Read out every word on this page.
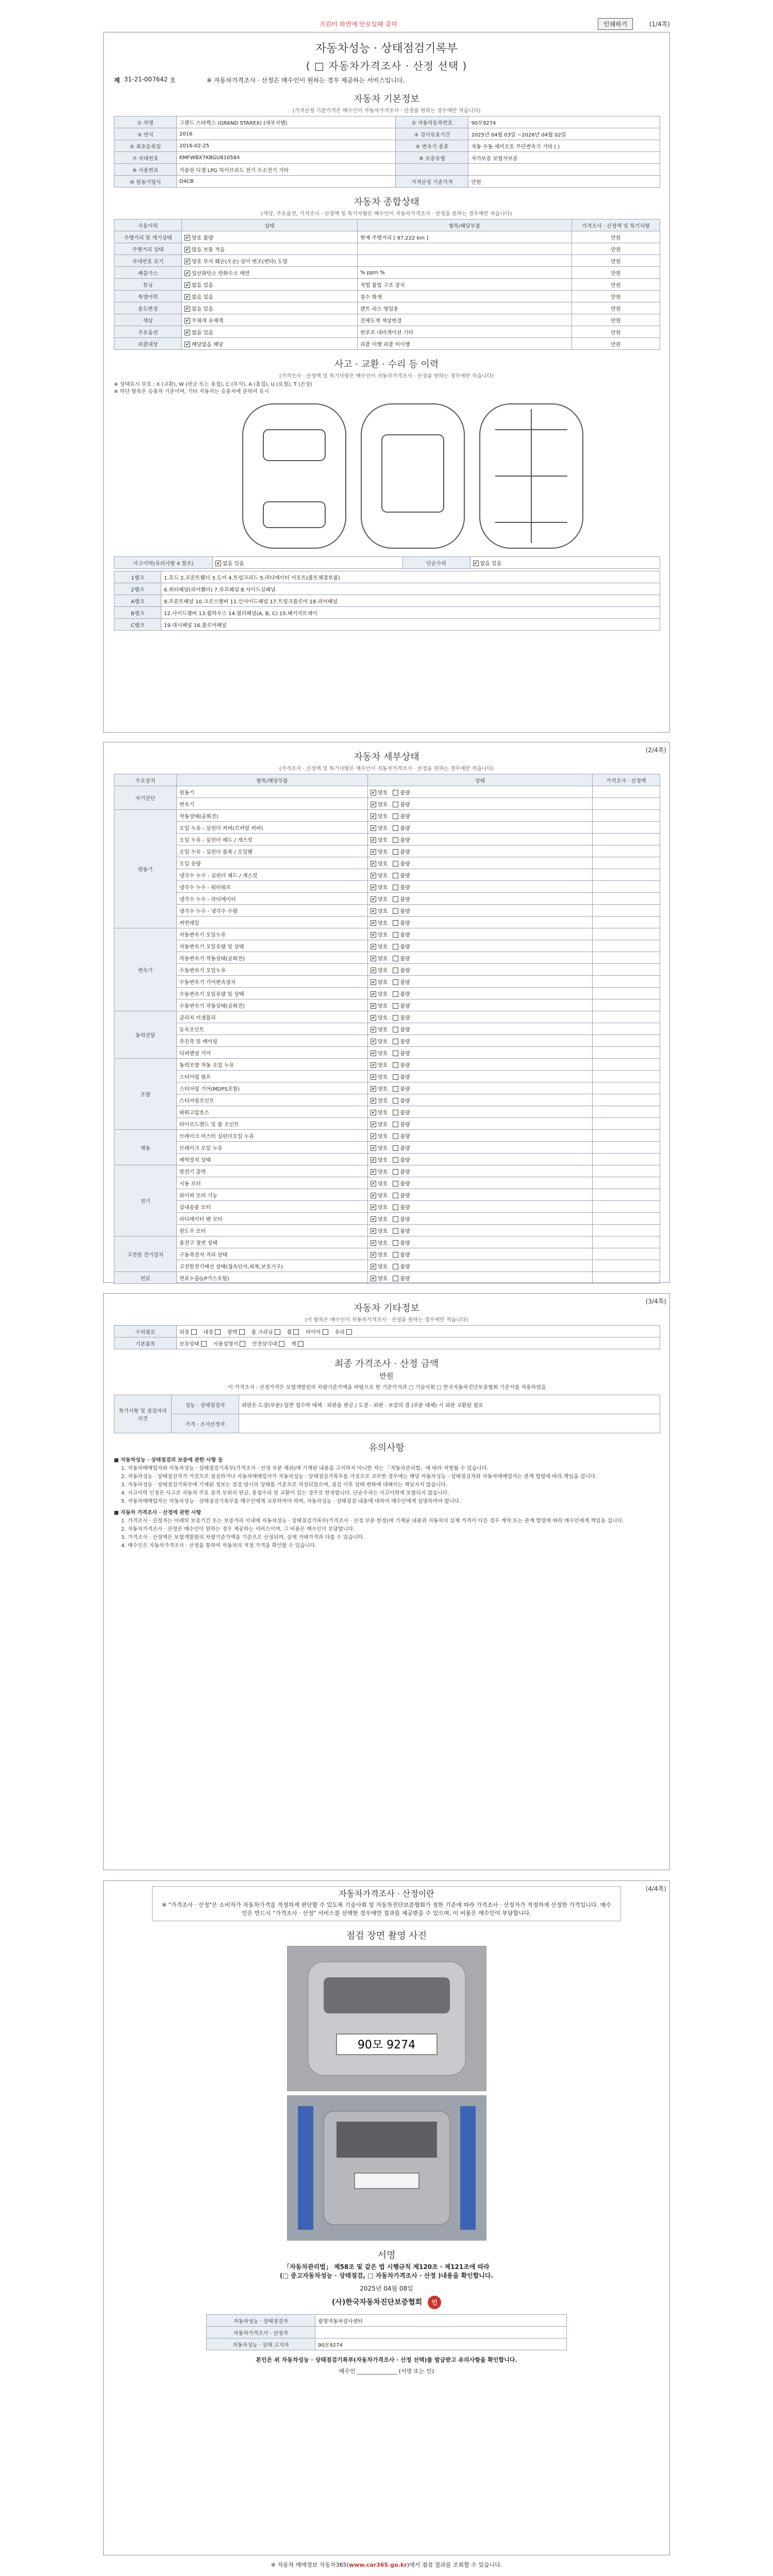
프린터 화면에 안보일때 클릭	인쇄하기	(1/4쪽)
자동차성능 · 상태점검기록부
( □ 자동차가격조사 · 산정 선택 )
제 31-21-007642
호	※ 자동차가격조사 · 산정은 매수인이 원하는 경우 제공하는 서비스입니다.
자동차 기본정보
(가격산정 기준가격은 매수인이 자동차가격조사 · 산정을 원하는 경우에만 적습니다)
① 차명	그랜드 스타렉스 (GRAND STAREX) (새부지템)	② 자동차등록번호	90모9274
③ 연식	2016	④ 검사유효기간	2025년 04월 03일 ~2026년 04월 02일
⑤ 최초등록일	2016-02-25	⑥ 변속기 종류	자동 수동 세미오토 무단변속기 기타 ( )
⑦ 차대번호	KMFWBX7KBGU810584	⑧ 보증유형	자가보증 보험사보증
⑨ 사용연료	가솔린 디젤 LPG 하이브리드 전기 수소전기 기타		
⑩ 원동기형식	D4CB	가격산정 기준가격	만원
자동차 종합상태
(색상, 주요옵션, 가격조사 · 산정액 및 특기사항은 매수인이 자동차가격조사 · 산정을 원하는 경우에만 적습니다)
사용이력	상태	항목/해당부품	가격조사 · 산정액 및 특기사항
주행거리 및 계기상태	✔양호 불량	현재 주행거리 [ 97,222 km ]	만원
주행거리 상태	✔많음 보통 적음		만원
차대번호 표기	✔양호 부식 훼손(오손) 상이 변조(변타) 도말		만원
배출가스	✔일산화탄소 탄화수소 매연	% ppm %	만원
튜닝	✔없음 있음	적법 불법 구조 장치	만원
특별이력	✔없음 있음	침수 화재	만원
용도변경	✔없음 있음	렌트 리스 영업용	만원
색상	✔무채색 유채색	전체도색 색상변경	만원
주요옵션	✔없음 있음	썬루프 네비게이션 기타	만원
리콜대상	✔해당없음 해당	리콜 이행 리콜 미이행	만원
사고 · 교환 · 수리 등 이력
(가격조사 · 산정액 및 특기사항은 매수인이 자동차가격조사 · 산정을 원하는 경우에만 적습니다)
※ 상태표시 부호 : X (교환), W (판금 또는 용접), C (부식), A (흠집), U (요철), T (손상)
※ 하단 항목은 승용차 기준이며, 기타 자동차는 승용차에 준하여 표시
사고이력(유의사항 4 참조)	✔없음 있음	단순수리	✔없음 있음
1랭크	1.후드 2.프론트휀더 3.도어 4.트렁크리드 5.라디에이터 서포트(볼트체결부품)
2랭크	6.쿼터패널(리어휀더) 7.루프패널 8.사이드실패널
A랭크	9.프론트패널 10.크로스멤버 11.인사이드패널 17.트렁크플로어 18.리어패널
B랭크	12.사이드멤버 13.휠하우스 14.필러패널(A, B, C) 15.패키지트레이
C랭크	19.대시패널 16.플로어패널
(2/4쪽)
자동차 세부상태
(가격조사 · 산정액 및 특기사항은 매수인이 자동차가격조사 · 산정을 원하는 경우에만 적습니다)
주요장치	항목/해당부품	상태	가격조사 · 산정액
자기진단	원동기	✔양호 불량	
	변속기	✔양호 불량	
원동기	작동상태(공회전)	✔양호 불량	
	오일 누유 - 실린더 커버(로커암 커버)	✔양호 불량	
	오일 누유 - 실린더 헤드 / 개스킷	✔양호 불량	
	오일 누유 - 실린더 블록 / 오일팬	✔양호 불량	
	오일 유량	✔양호 불량	
	냉각수 누수 - 실린더 헤드 / 개스킷	✔양호 불량	
	냉각수 누수 - 워터펌프	✔양호 불량	
	냉각수 누수 - 라디에이터	✔양호 불량	
	냉각수 누수 - 냉각수 수량	✔양호 불량	
	커먼레일	✔양호 불량	
변속기	자동변속기 오일누유	✔양호 불량	
	자동변속기 오일유량 및 상태	✔양호 불량	
	자동변속기 작동상태(공회전)	✔양호 불량	
	수동변속기 오일누유	✔양호 불량	
	수동변속기 기어변속장치	✔양호 불량	
	수동변속기 오일유량 및 상태	✔양호 불량	
	수동변속기 작동상태(공회전)	✔양호 불량	
동력전달	클러치 어셈블리	✔양호 불량	
	등속조인트	✔양호 불량	
	추진축 및 베어링	✔양호 불량	
	디퍼렌셜 기어	✔양호 불량	
조향	동력조향 작동 오일 누유	✔양호 불량	
	스티어링 펌프	✔양호 불량	
	스티어링 기어(MDPS포함)	✔양호 불량	
	스티어링조인트	✔양호 불량	
	파워고압호스	✔양호 불량	
	타이로드엔드 및 볼 조인트	✔양호 불량	
제동	브레이크 마스터 실린더오일 누유	✔양호 불량	
	브레이크 오일 누유	✔양호 불량	
	배력장치 상태	✔양호 불량	
전기	발전기 출력	✔양호 불량	
	시동 모터	✔양호 불량	
	와이퍼 모터 기능	✔양호 불량	
	실내송풍 모터	✔양호 불량	
	라디에이터 팬 모터	✔양호 불량	
	윈도우 모터	✔양호 불량	
고전원 전기장치	충전구 절연 상태	✔양호 불량	
	구동축전지 격리 상태	✔양호 불량	
	고전원전기배선 상태(접속단자,피복,보호기구)	✔양호 불량	
연료	연료누출(LP가스포함)	✔양호 불량	
(3/4쪽)
자동차 기타정보
(이 항목은 매수인이 자동차가격조사 · 산정을 원하는 경우에만 적습니다)
수리필요	외장 내장 광택 룸 크리닝 휠 타이어 유리
기본품목	보유상태 사용설명서 안전삼각대 잭
최종 가격조사 · 산정 금액
만원
이 가격조사 · 산정가격은 보험개발원의 차량기준가액을 바탕으로 한 기준가격과 □ 기술사회 □ 한국자동차진단보증협회 기준서를 적용하였음
특기사항 및 점검자의 의견	성능 · 상태점검자	외판은 도장(부분)·일반 접수마 대체 · 외판을 판금 / 도장 · 외판 · 보강의 결 (부분 대체) 시 외판 교환된 필요
	가격 · 조사산정자	
유의사항
■ 자동차성능 · 상태점검의 보증에 관한 사항 등

1. 자동차매매업자와 자동차성능 · 상태점검기록부(가격조사 · 산정 부분 제외)에 기재된 내용을 고지하지 아니한 자는 「자동차관리법」에 따라 처벌될 수 있습니다.

2. 자동차성능 · 상태점검자가 거짓으로 점검하거나 자동차매매업자가 자동차성능 · 상태점검기록부를 거짓으로 교부한 경우에는 해당 자동차성능 · 상태점검자와 자동차매매업자는 관계 법령에 따라 책임을 집니다.

3. 자동차성능 · 상태점검기록부에 기재된 정보는 점검 당시의 상태를 기준으로 작성되었으며, 점검 이후 상태 변화에 대해서는 책임지지 않습니다.

4. 사고이력 인정은 사고로 자동차 주요 골격 부위의 판금, 용접수리 및 교환이 있는 경우로 한정합니다. 단순수리는 사고이력에 포함되지 않습니다.

5. 자동차매매업자는 자동차성능 · 상태점검기록부를 매수인에게 교부하여야 하며, 자동차성능 · 상태점검 내용에 대하여 매수인에게 설명하여야 합니다.

■ 자동차 가격조사 · 산정에 관한 사항

1. 가격조사 · 산정자는 아래의 보증기간 또는 보증거리 이내에 자동차성능 · 상태점검기록부(가격조사 · 산정 부분 한정)에 기재된 내용과 자동차의 실제 가격이 다른 경우 계약 또는 관계 법령에 따라 매수인에게 책임을 집니다.

2. 자동차가격조사 · 산정은 매수인이 원하는 경우 제공하는 서비스이며, 그 비용은 매수인이 부담합니다.

3. 가격조사 · 산정액은 보험개발원의 차량기준가액을 기준으로 산정되며, 실제 거래가격과 다를 수 있습니다.

4. 매수인은 자동차가격조사 · 산정을 통하여 자동차의 적정 가격을 확인할 수 있습니다.

(4/4쪽)
자동차가격조사 · 산정이란
※ "가격조사 · 산정"은 소비자가 자동차가격을 적정하게 판단할 수 있도록 기술사회 및 자동차진단보증협회가 정한 기준에 따라 가격조사 · 산정자가 적정하게 산정한 가격입니다. 매수인은 반드시 "가격조사 · 산정" 서비스를 선택한 경우에만 결과를 제공받을 수 있으며, 이 비용은 매수인이 부담합니다.
점검 장면 촬영 사진
90모 9274
서명
「자동차관리법」 제58조 및 같은 법 시행규칙 제120조 · 제121조에 따라
(□ 중고자동차성능 · 상태점검, □ 자동차가격조사 · 산정 )내용을 확인합니다.
2025년 04월 08일
(사)한국자동차진단보증협회 인
자동차성능 · 상태점검자	광명자동차검사센터
자동차가격조사 · 산정자	
자동차성능 · 상태 고지자	90모9274
본인은 위 자동차성능 · 상태점검기록부(자동차가격조사 · 산정 선택)를 발급받고 유의사항을 확인합니다.
매수인 ______________ (서명 또는 인)
※ 자동차 매매정보 자동차365(www.car365.go.kr)에서 점검 결과를 조회할 수 있습니다.
